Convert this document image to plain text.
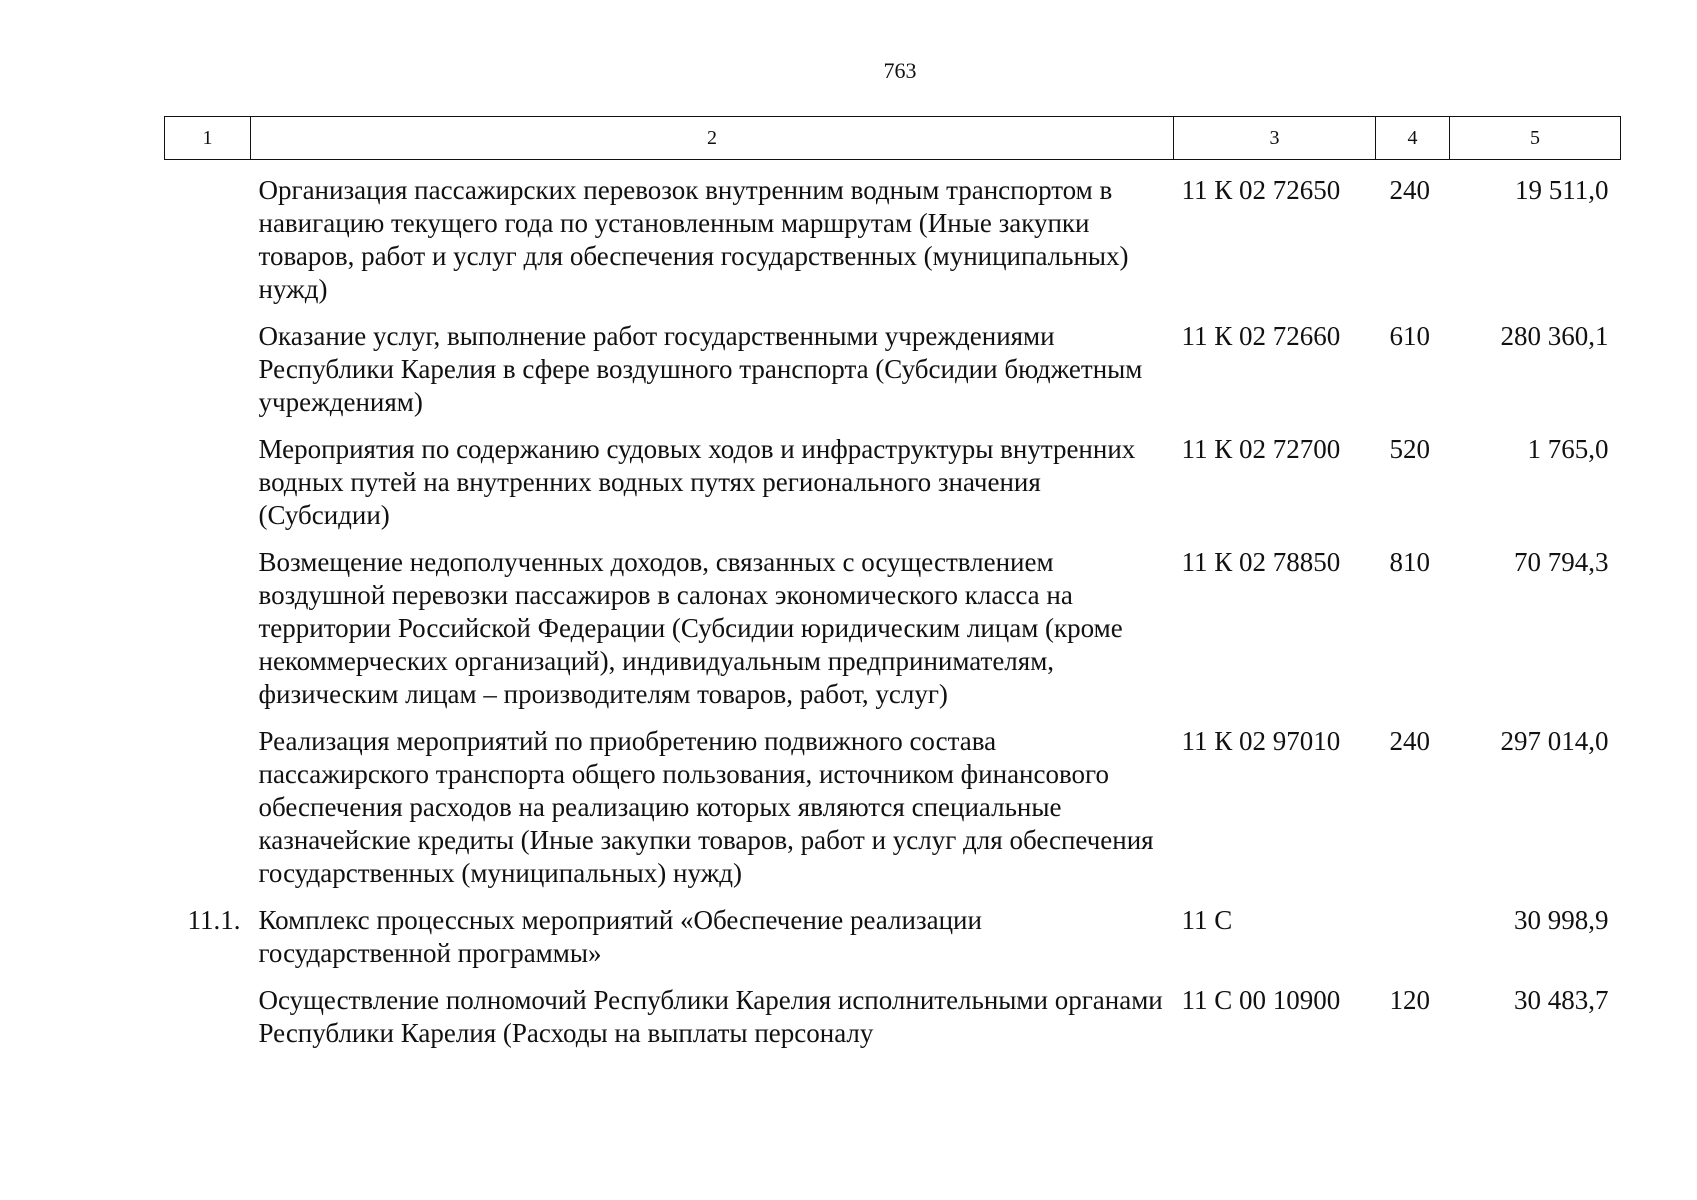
763
1	2	3	4	5
	Организация пассажирских перевозок внутренним водным транспортом в навигацию текущего года по установленным маршрутам (Иные закупки товаров, работ и услуг для обеспечения государственных (муниципальных) нужд)	11 К 02 72650	240	19 511,0
	Оказание услуг, выполнение работ государственными учреждениями Республики Карелия в сфере воздушного транспорта (Субсидии бюджетным учреждениям)	11 К 02 72660	610	280 360,1
	Мероприятия по содержанию судовых ходов и инфраструктуры внутренних водных путей на внутренних водных путях регионального значения (Субсидии)	11 К 02 72700	520	1 765,0
	Возмещение недополученных доходов, связанных с осуществлением воздушной перевозки пассажиров в салонах экономического класса на территории Российской Федерации (Субсидии юридическим лицам (кроме некоммерческих организаций), индивидуальным предпринимателям, физическим лицам – производителям товаров, работ, услуг)	11 К 02 78850	810	70 794,3
	Реализация мероприятий по приобретению подвижного состава пассажирского транспорта общего пользования, источником финансового обеспечения расходов на реализацию которых являются специальные казначейские кредиты (Иные закупки товаров, работ и услуг для обеспечения государственных (муниципальных) нужд)	11 К 02 97010	240	297 014,0
11.1.	Комплекс процессных мероприятий «Обеспечение реализации государственной программы»	11 С		30 998,9
	Осуществление полномочий Республики Карелия исполнительными органами Республики Карелия (Расходы на выплаты персоналу	11 С 00 10900	120	30 483,7
